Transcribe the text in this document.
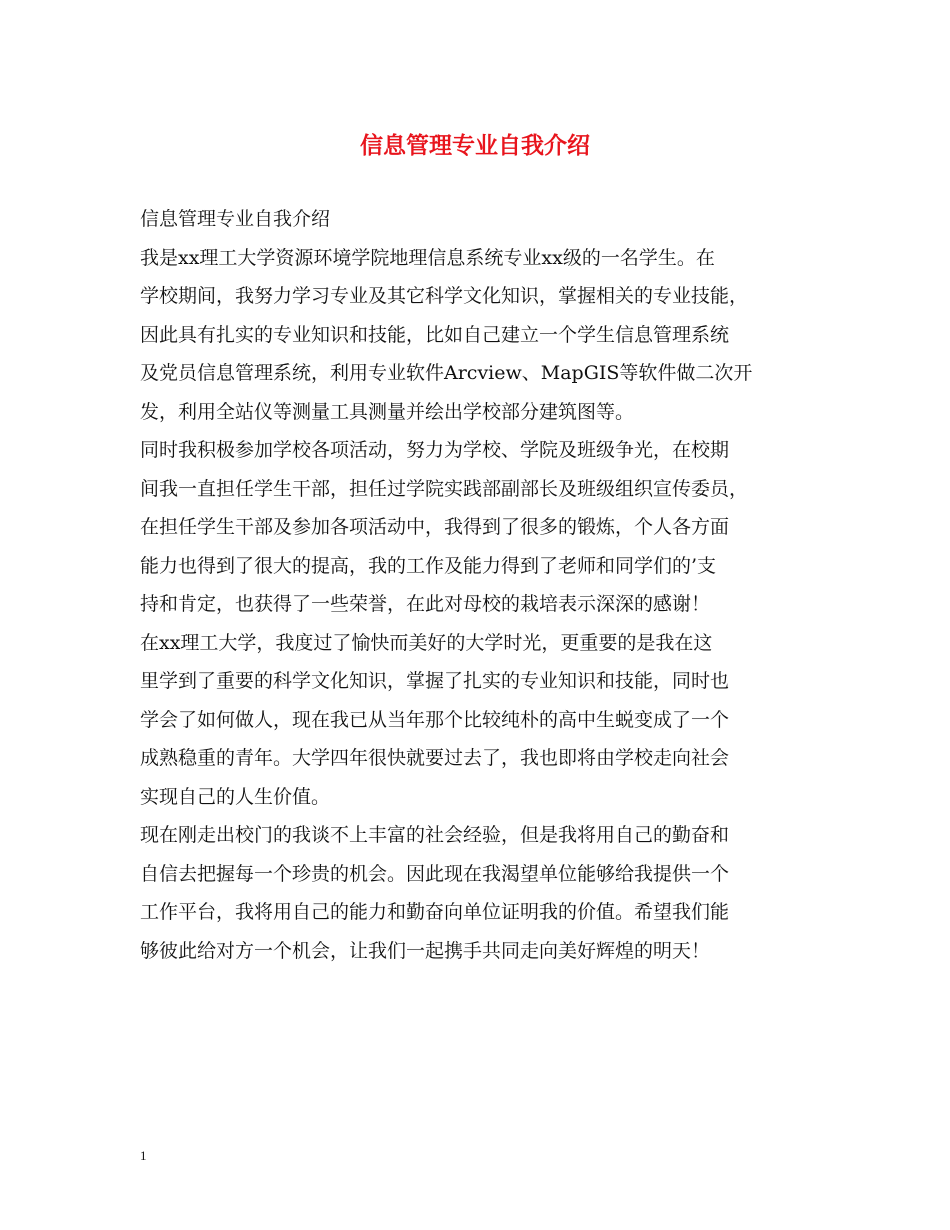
信息管理专业自我介绍
信息管理专业自我介绍
我是xx理工大学资源环境学院地理信息系统专业xx级的一名学生。在
学校期间，我努力学习专业及其它科学文化知识，掌握相关的专业技能，
因此具有扎实的专业知识和技能，比如自己建立一个学生信息管理系统
及党员信息管理系统，利用专业软件Arcview、MapGIS等软件做二次开
发，利用全站仪等测量工具测量并绘出学校部分建筑图等。
同时我积极参加学校各项活动，努力为学校、学院及班级争光，在校期
间我一直担任学生干部，担任过学院实践部副部长及班级组织宣传委员，
在担任学生干部及参加各项活动中，我得到了很多的锻炼，个人各方面
能力也得到了很大的提高，我的工作及能力得到了老师和同学们的’支
持和肯定，也获得了一些荣誉，在此对母校的栽培表示深深的感谢！
在xx理工大学，我度过了愉快而美好的大学时光，更重要的是我在这
里学到了重要的科学文化知识，掌握了扎实的专业知识和技能，同时也
学会了如何做人，现在我已从当年那个比较纯朴的高中生蜕变成了一个
成熟稳重的青年。大学四年很快就要过去了，我也即将由学校走向社会
实现自己的人生价值。
现在刚走出校门的我谈不上丰富的社会经验，但是我将用自己的勤奋和
自信去把握每一个珍贵的机会。因此现在我渴望单位能够给我提供一个
工作平台，我将用自己的能力和勤奋向单位证明我的价值。希望我们能
够彼此给对方一个机会，让我们一起携手共同走向美好辉煌的明天！
1
